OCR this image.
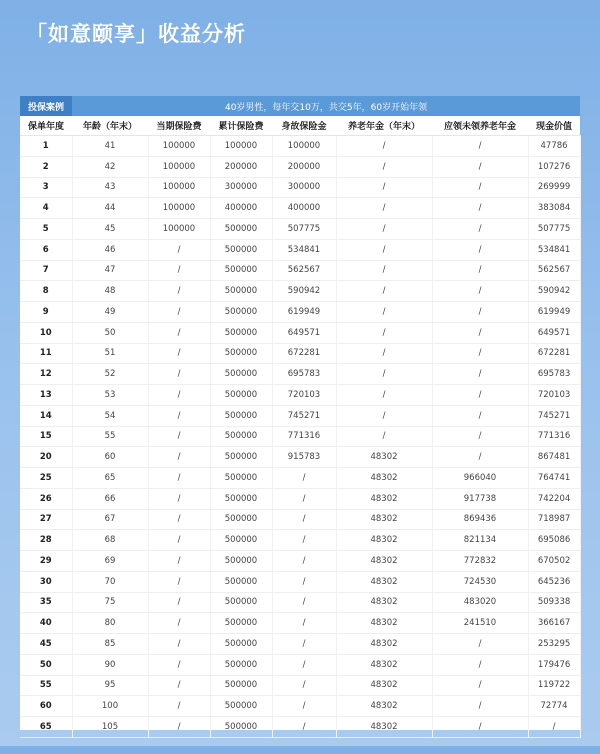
「如意颐享」收益分析
投保案例	40岁男性，每年交10万，共交5年，60岁开始年领						
保单年度	年龄（年末）	当期保险费	累计保险费	身故保险金	养老年金（年末）	应领未领养老年金	现金价值
1	41	100000	100000	100000	/	/	47786
2	42	100000	200000	200000	/	/	107276
3	43	100000	300000	300000	/	/	269999
4	44	100000	400000	400000	/	/	383084
5	45	100000	500000	507775	/	/	507775
6	46	/	500000	534841	/	/	534841
7	47	/	500000	562567	/	/	562567
8	48	/	500000	590942	/	/	590942
9	49	/	500000	619949	/	/	619949
10	50	/	500000	649571	/	/	649571
11	51	/	500000	672281	/	/	672281
12	52	/	500000	695783	/	/	695783
13	53	/	500000	720103	/	/	720103
14	54	/	500000	745271	/	/	745271
15	55	/	500000	771316	/	/	771316
20	60	/	500000	915783	48302	/	867481
25	65	/	500000	/	48302	966040	764741
26	66	/	500000	/	48302	917738	742204
27	67	/	500000	/	48302	869436	718987
28	68	/	500000	/	48302	821134	695086
29	69	/	500000	/	48302	772832	670502
30	70	/	500000	/	48302	724530	645236
35	75	/	500000	/	48302	483020	509338
40	80	/	500000	/	48302	241510	366167
45	85	/	500000	/	48302	/	253295
50	90	/	500000	/	48302	/	179476
55	95	/	500000	/	48302	/	119722
60	100	/	500000	/	48302	/	72774
65	105	/	500000	/	48302	/	/
